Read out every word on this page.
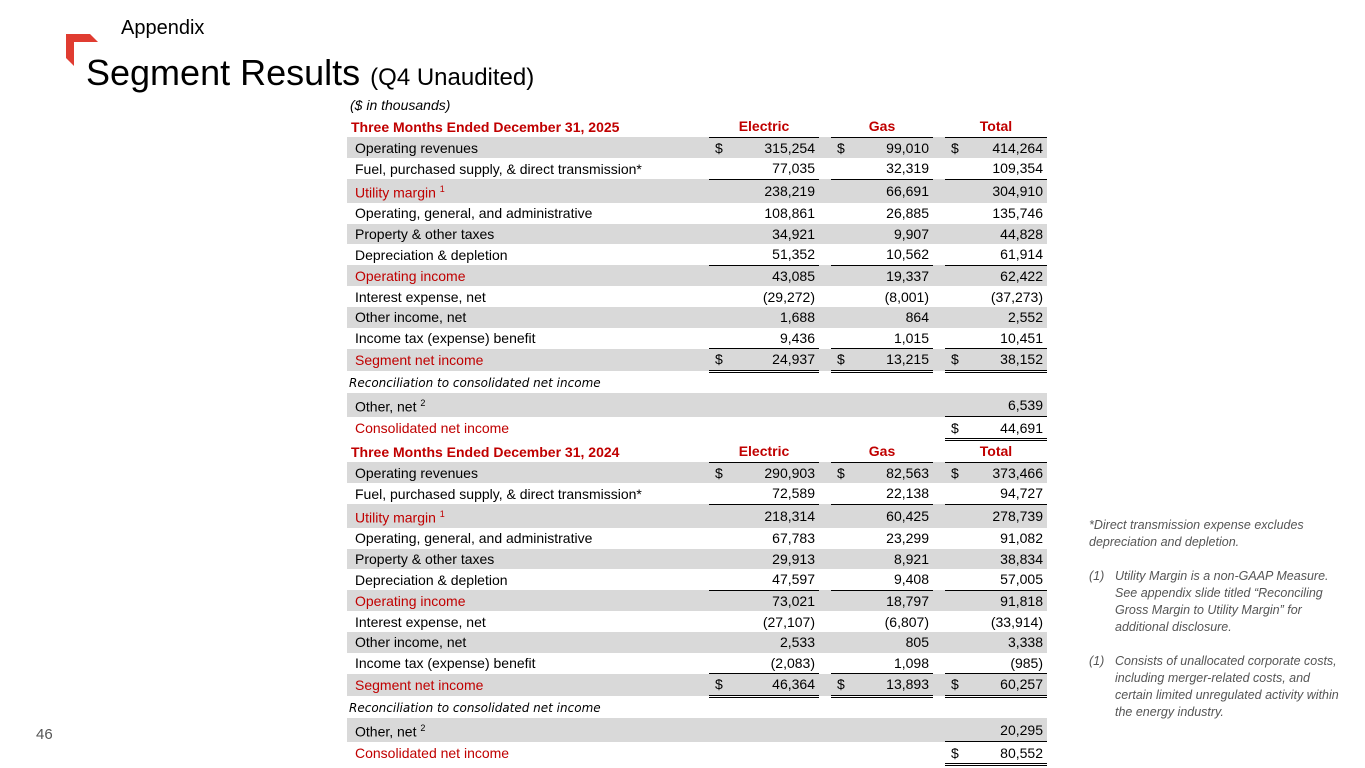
Appendix
Segment Results (Q4 Unaudited)
($ in thousands)
Three Months Ended December 31, 2025		Electric			Gas			Total	
Operating revenues		$	315,254		$	99,010		$	414,264
Fuel, purchased supply, & direct transmission*			77,035			32,319			109,354
Utility margin $^1$			238,219			66,691			304,910
Operating, general, and administrative			108,861			26,885			135,746
Property & other taxes			34,921			9,907			44,828
Depreciation & depletion			51,352			10,562			61,914
Operating income			43,085			19,337			62,422
Interest expense, net			(29,272)			(8,001)			(37,273)
Other income, net			1,688			864			2,552
Income tax (expense) benefit			9,436			1,015			10,451
Segment net income		$	24,937		$	13,215		$	38,152
Reconciliation to consolidated net income									
Other, net $^2$									6,539
Consolidated net income								$	44,691
Three Months Ended December 31, 2024		Electric			Gas			Total	
Operating revenues		$	290,903		$	82,563		$	373,466
Fuel, purchased supply, & direct transmission*			72,589			22,138			94,727
Utility margin $^1$			218,314			60,425			278,739
Operating, general, and administrative			67,783			23,299			91,082
Property & other taxes			29,913			8,921			38,834
Depreciation & depletion			47,597			9,408			57,005
Operating income			73,021			18,797			91,818
Interest expense, net			(27,107)			(6,807)			(33,914)
Other income, net			2,533			805			3,338
Income tax (expense) benefit			(2,083)			1,098			(985)
Segment net income		$	46,364		$	13,893		$	60,257
Reconciliation to consolidated net income									
Other, net $^2$									20,295
Consolidated net income								$	80,552
46

*Direct transmission expense excludes depreciation and depletion.

(1) Utility Margin is a non-GAAP Measure. See appendix slide titled “Reconciling Gross Margin to Utility Margin” for additional disclosure.
(1) Consists of unallocated corporate costs, including merger-related costs, and certain limited unregulated activity within the energy industry.
